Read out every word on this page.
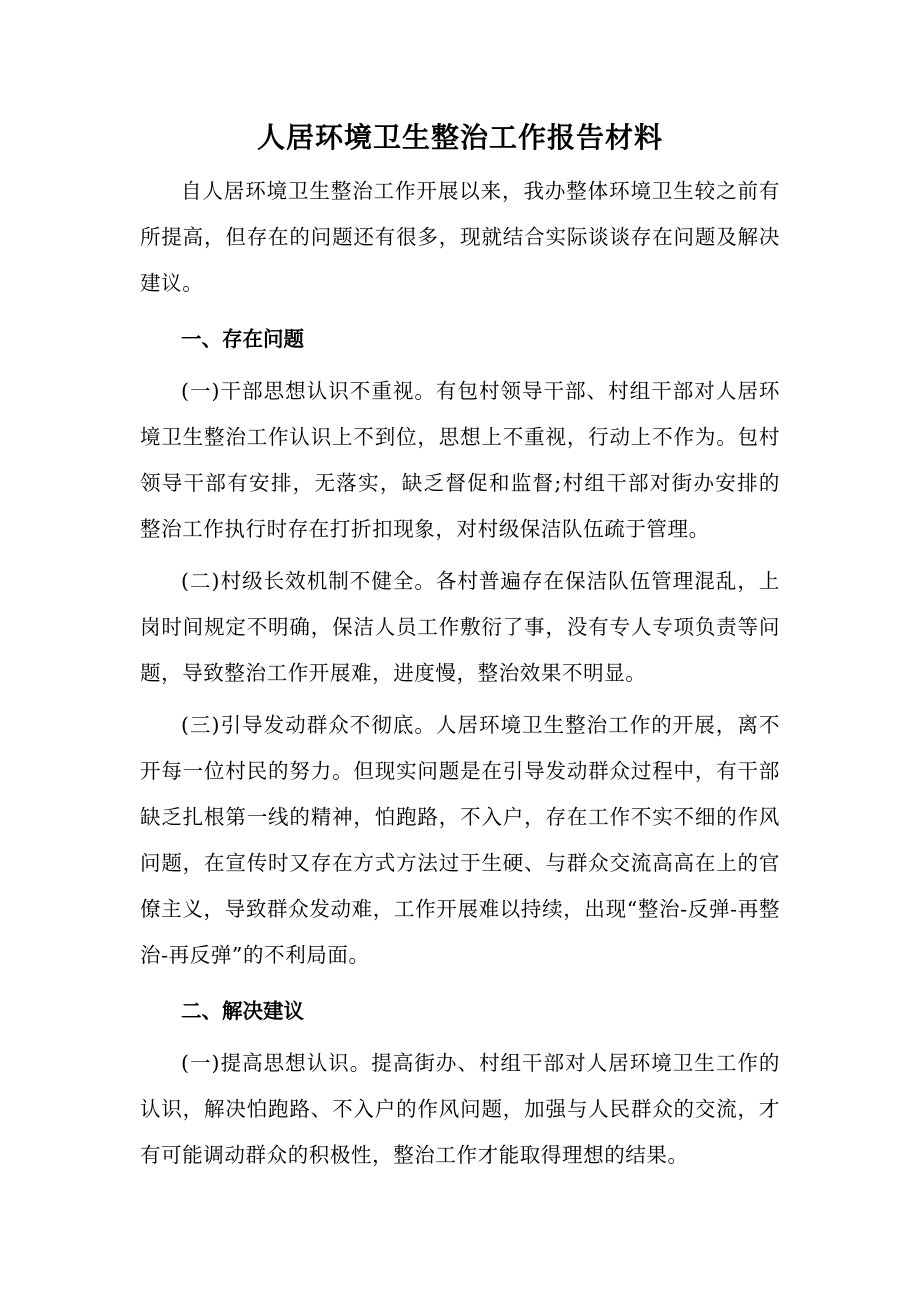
人居环境卫生整治工作报告材料

自人居环境卫生整治工作开展以来，我办整体环境卫生较之前有所提高，但存在的问题还有很多，现就结合实际谈谈存在问题及解决建议。

一、存在问题

(一)干部思想认识不重视。有包村领导干部、村组干部对人居环境卫生整治工作认识上不到位，思想上不重视，行动上不作为。包村领导干部有安排，无落实，缺乏督促和监督;村组干部对街办安排的整治工作执行时存在打折扣现象，对村级保洁队伍疏于管理。

(二)村级长效机制不健全。各村普遍存在保洁队伍管理混乱，上岗时间规定不明确，保洁人员工作敷衍了事，没有专人专项负责等问题，导致整治工作开展难，进度慢，整治效果不明显。

(三)引导发动群众不彻底。人居环境卫生整治工作的开展，离不开每一位村民的努力。但现实问题是在引导发动群众过程中，有干部缺乏扎根第一线的精神，怕跑路，不入户，存在工作不实不细的作风问题，在宣传时又存在方式方法过于生硬、与群众交流高高在上的官僚主义，导致群众发动难，工作开展难以持续，出现“整治-反弹-再整治-再反弹”的不利局面。

二、解决建议

(一)提高思想认识。提高街办、村组干部对人居环境卫生工作的认识，解决怕跑路、不入户的作风问题，加强与人民群众的交流，才有可能调动群众的积极性，整治工作才能取得理想的结果。
